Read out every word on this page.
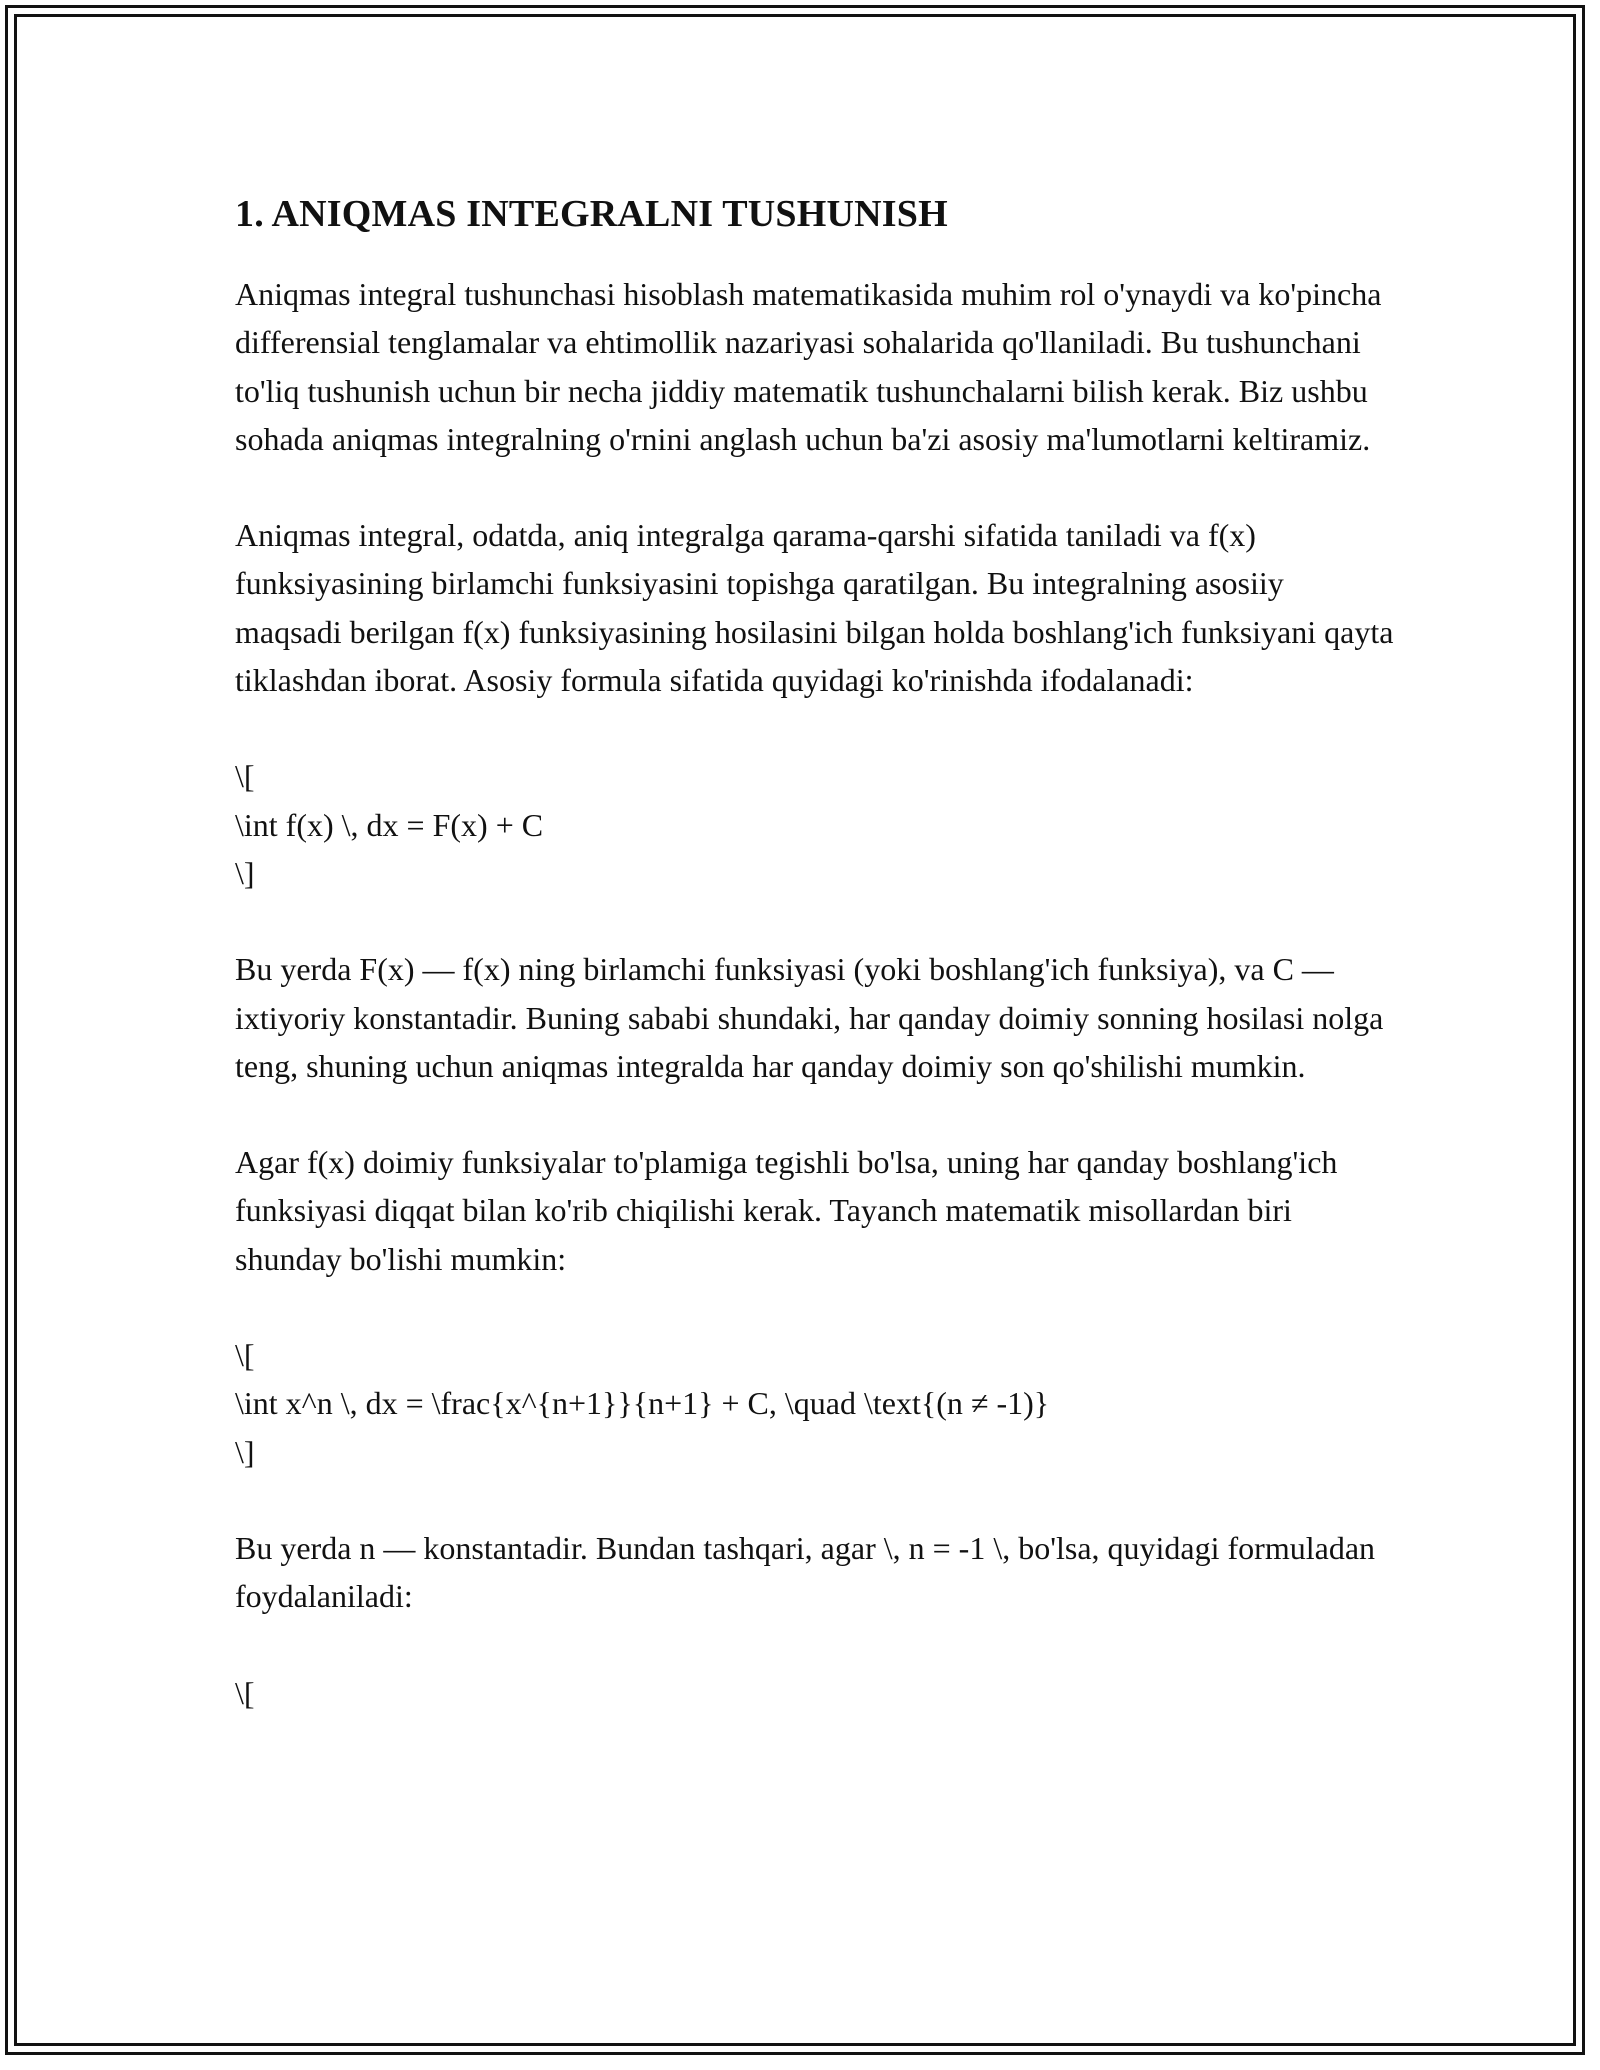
1. ANIQMAS INTEGRALNI TUSHUNISH

Aniqmas integral tushunchasi hisoblash matematikasida muhim rol o'ynaydi va ko'pincha differensial tenglamalar va ehtimollik nazariyasi sohalarida qo'llaniladi. Bu tushunchani to'liq tushunish uchun bir necha jiddiy matematik tushunchalarni bilish kerak. Biz ushbu sohada aniqmas integralning o'rnini anglash uchun ba'zi asosiy ma'lumotlarni keltiramiz.

Aniqmas integral, odatda, aniq integralga qarama-qarshi sifatida taniladi va f(x) funksiyasining birlamchi funksiyasini topishga qaratilgan. Bu integralning asosiiy maqsadi berilgan f(x) funksiyasining hosilasini bilgan holda boshlang'ich funksiyani qayta tiklashdan iborat. Asosiy formula sifatida quyidagi ko'rinishda ifodalanadi:

\[
\int f(x) \, dx = F(x) + C
\]

Bu yerda F(x) — f(x) ning birlamchi funksiyasi (yoki boshlang'ich funksiya), va C — ixtiyoriy konstantadir. Buning sababi shundaki, har qanday doimiy sonning hosilasi nolga teng, shuning uchun aniqmas integralda har qanday doimiy son qo'shilishi mumkin.

Agar f(x) doimiy funksiyalar to'plamiga tegishli bo'lsa, uning har qanday boshlang'ich funksiyasi diqqat bilan ko'rib chiqilishi kerak. Tayanch matematik misollardan biri shunday bo'lishi mumkin:

\[
\int x^n \, dx = \frac{x^{n+1}}{n+1} + C, \quad \text{(n ≠ -1)}
\]

Bu yerda n — konstantadir. Bundan tashqari, agar \, n = -1 \, bo'lsa, quyidagi formuladan foydalaniladi:

\[
